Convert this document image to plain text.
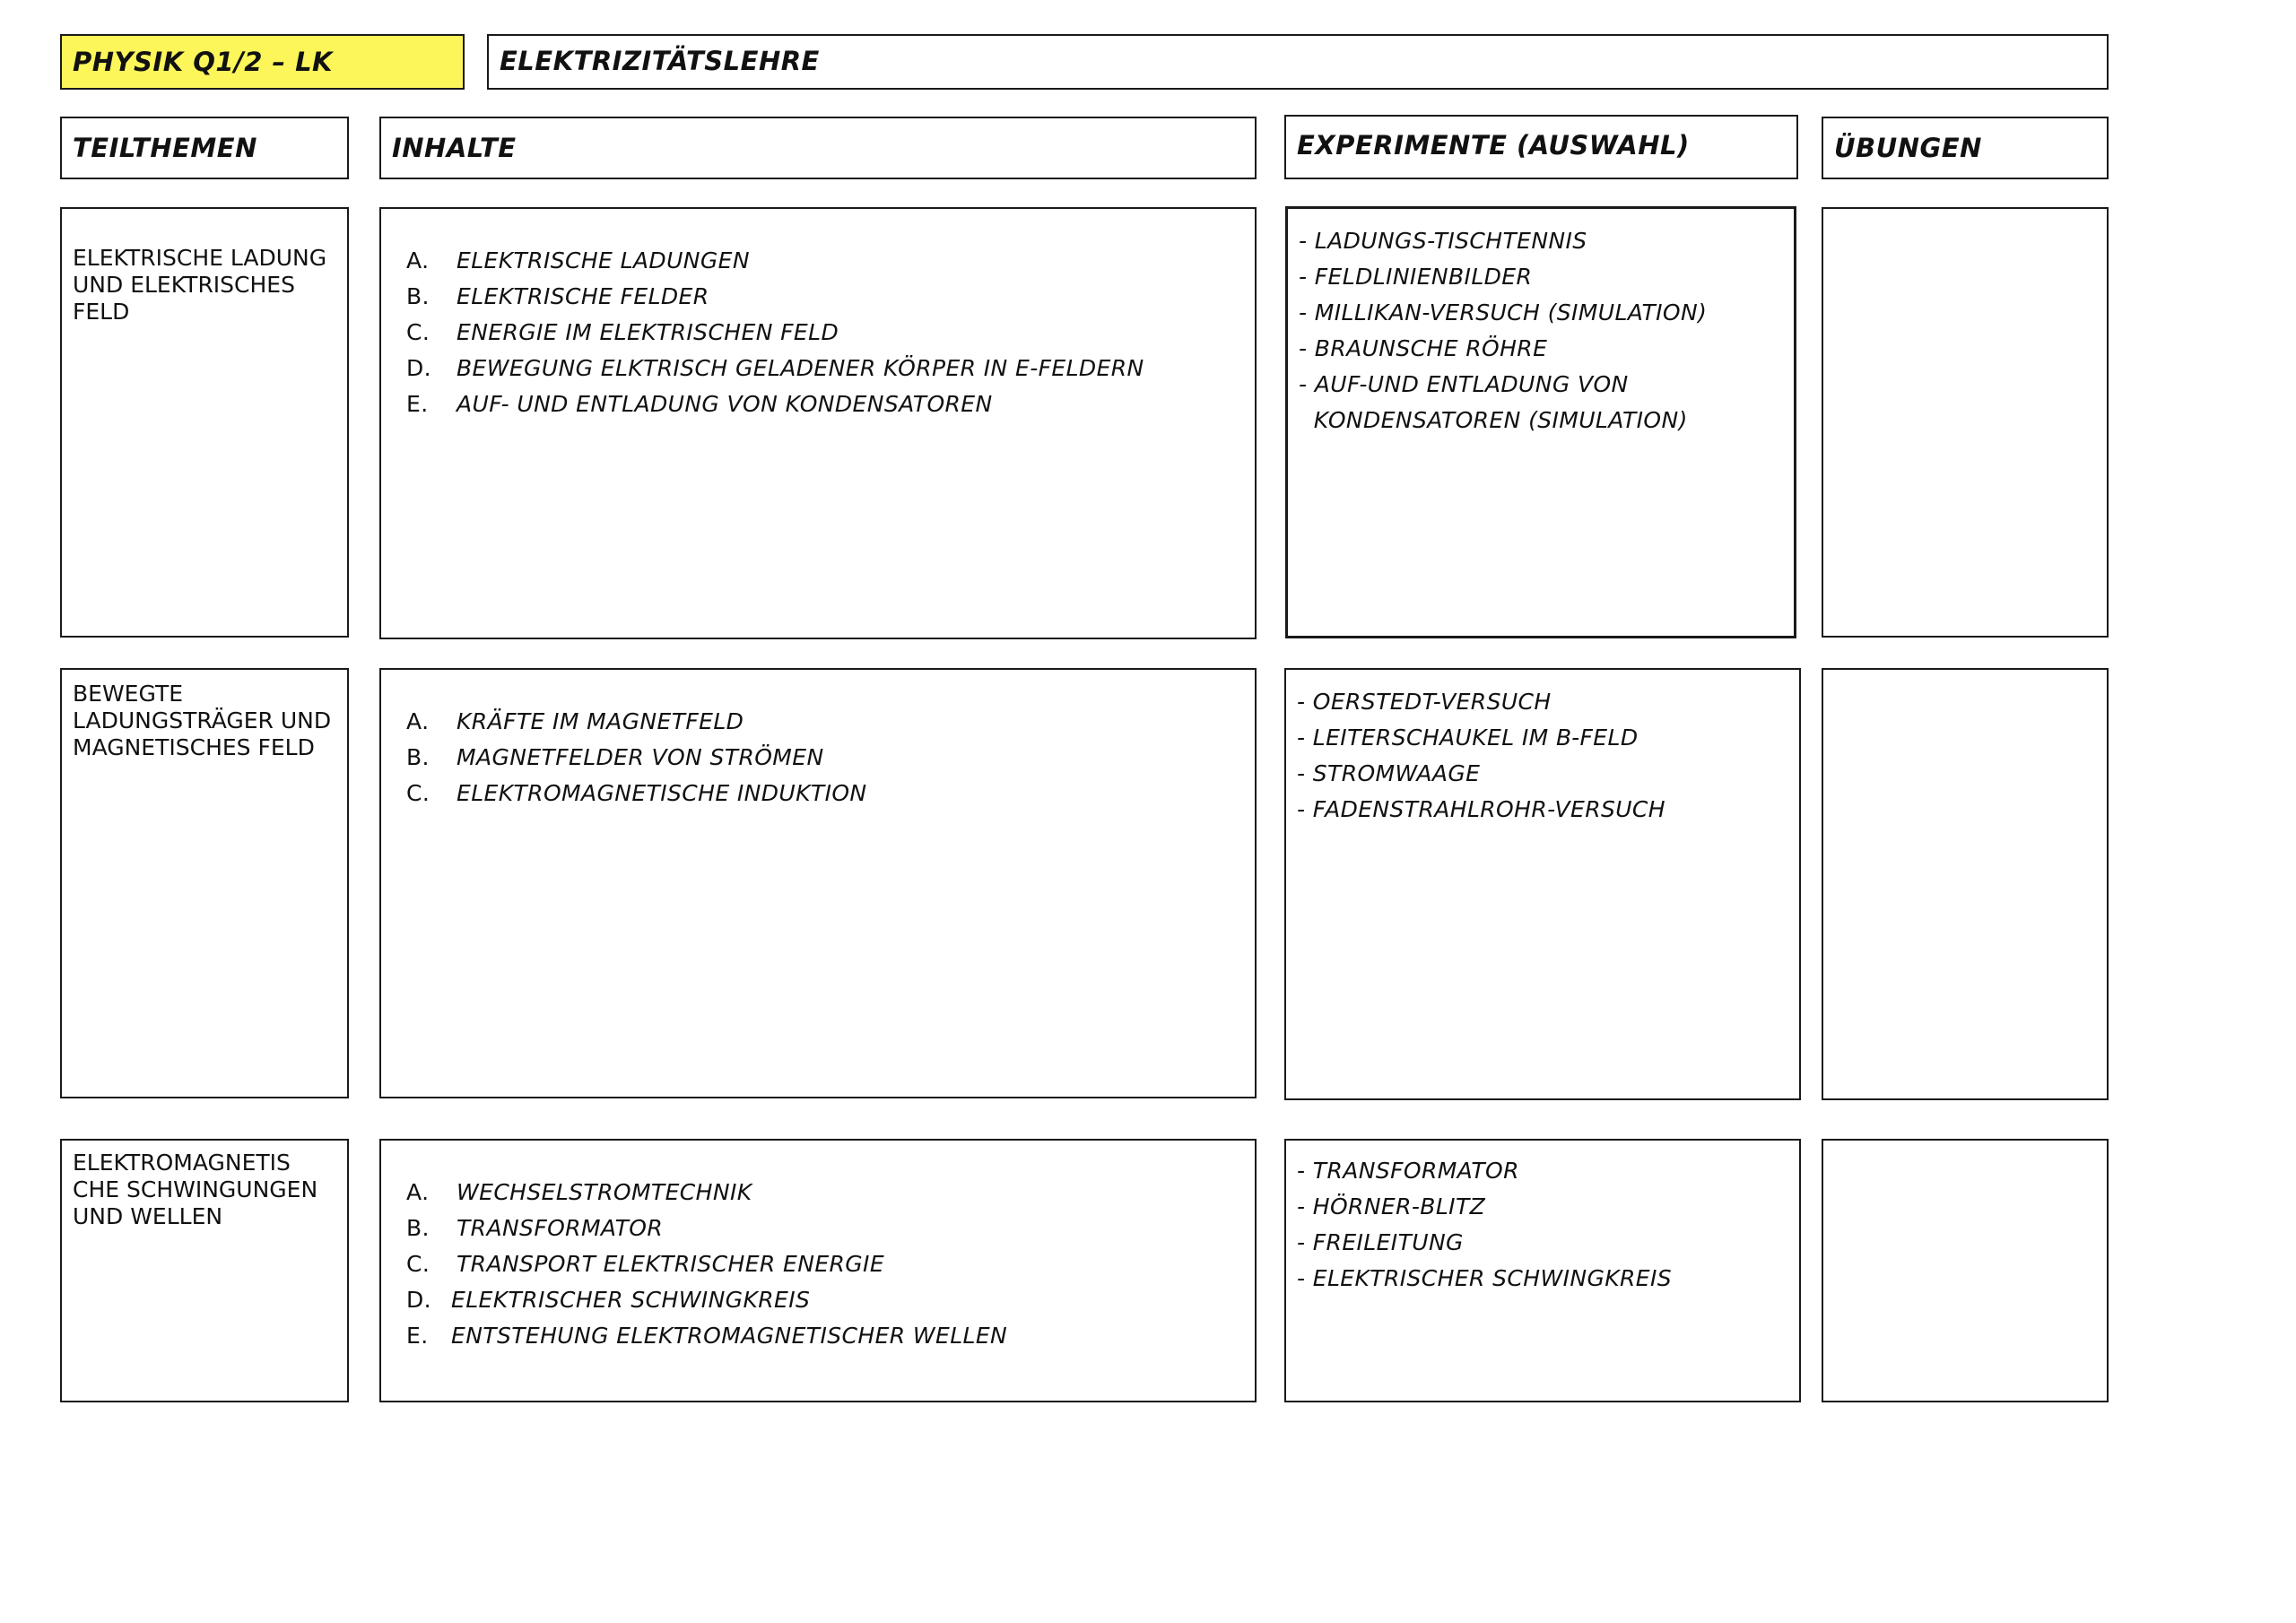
PHYSIK Q1/2 – LK	ELEKTRIZITÄTSLEHRE
TEILTHEMEN	INHALTE	EXPERIMENTE (AUSWAHL)	ÜBUNGEN
ELEKTRISCHE LADUNG UND ELEKTRISCHES FELD
A.	ELEKTRISCHE LADUNGEN
B.	ELEKTRISCHE FELDER
C.	ENERGIE IM ELEKTRISCHEN FELD
D.	BEWEGUNG ELKTRISCH GELADENER KÖRPER IN E-FELDERN
E.	AUF- UND ENTLADUNG VON KONDENSATOREN
- LADUNGS-TISCHTENNIS
- FELDLINIENBILDER
- MILLIKAN-VERSUCH (SIMULATION)
- BRAUNSCHE RÖHRE
- AUF-UND ENTLADUNG VON
KONDENSATOREN (SIMULATION)
BEWEGTE LADUNGSTRÄGER UND MAGNETISCHES FELD
A.	KRÄFTE IM MAGNETFELD
B.	MAGNETFELDER VON STRÖMEN
C.	ELEKTROMAGNETISCHE INDUKTION
- OERSTEDT-VERSUCH
- LEITERSCHAUKEL IM B-FELD
- STROMWAAGE
- FADENSTRAHLROHR-VERSUCH
ELEKTROMAGNETIS CHE SCHWINGUNGEN UND WELLEN
A.	WECHSELSTROMTECHNIK
B.	TRANSFORMATOR
C.	TRANSPORT ELEKTRISCHER ENERGIE
D. ELEKTRISCHER SCHWINGKREIS
E.	ENTSTEHUNG ELEKTROMAGNETISCHER WELLEN
- TRANSFORMATOR
- HÖRNER-BLITZ
- FREILEITUNG
- ELEKTRISCHER SCHWINGKREIS
